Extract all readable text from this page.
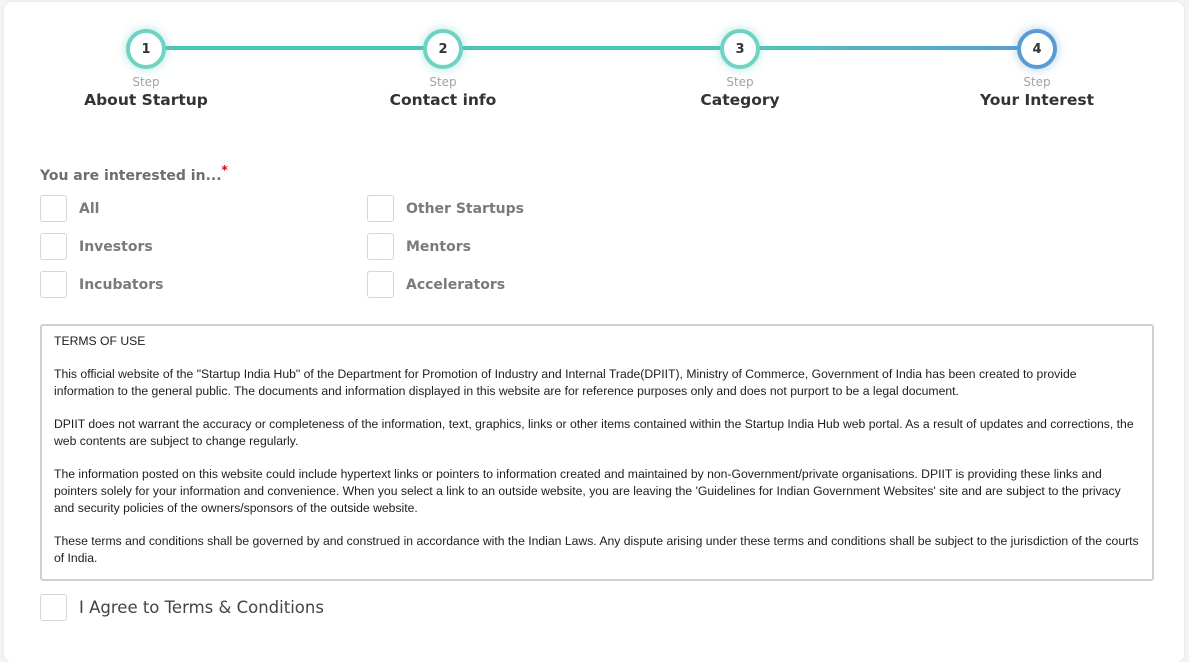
1
Step
About Startup
2
Step
Contact info
3
Step
Category
4
Step
Your Interest
You are interested in...*
All
Investors
Incubators
Other Startups
Mentors
Accelerators

TERMS OF USE

This official website of the "Startup India Hub" of the Department for Promotion of Industry and Internal Trade(DPIIT), Ministry of Commerce, Government of India has been created to provide information to the general public. The documents and information displayed in this website are for reference purposes only and does not purport to be a legal document.

DPIIT does not warrant the accuracy or completeness of the information, text, graphics, links or other items contained within the Startup India Hub web portal. As a result of updates and corrections, the web contents are subject to change regularly.

The information posted on this website could include hypertext links or pointers to information created and maintained by non-Government/private organisations. DPIIT is providing these links and pointers solely for your information and convenience. When you select a link to an outside website, you are leaving the 'Guidelines for Indian Government Websites' site and are subject to the privacy and security policies of the owners/sponsors of the outside website.

These terms and conditions shall be governed by and construed in accordance with the Indian Laws. Any dispute arising under these terms and conditions shall be subject to the jurisdiction of the courts of India.

I Agree to Terms & Conditions
